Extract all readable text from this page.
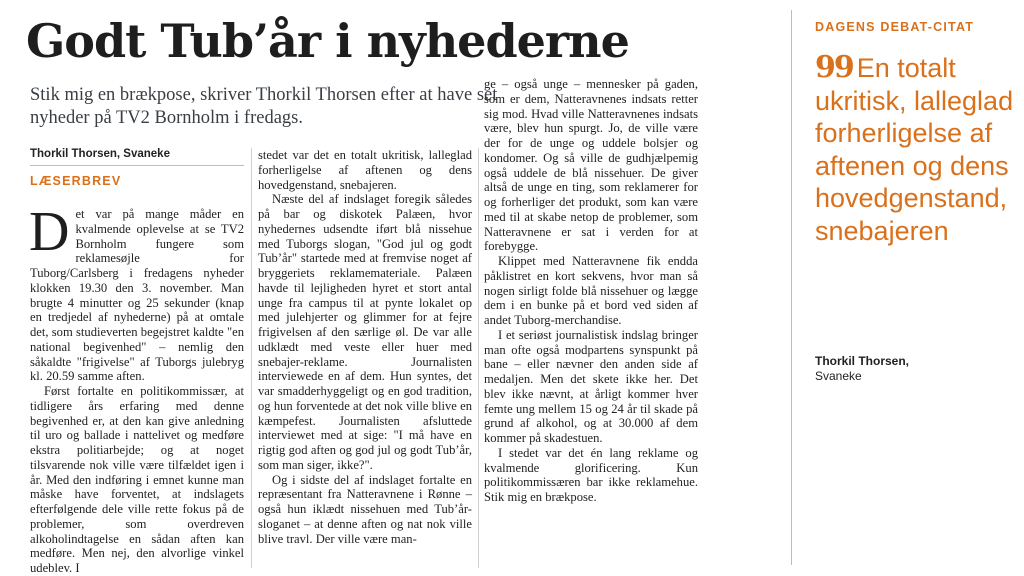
Godt Tub’år i nyhederne

Stik mig en brækpose, skriver Thorkil Thorsen efter at have set nyheder på TV2 Bornholm i fredags.

Thorkil Thorsen, Svaneke
LÆSERBREV
D et var på mange måder en kvalmende oplevelse at se TV2 Bornholm fungere som reklamesøjle for Tuborg/Carlsberg i fredagens nyheder klokken 19.30 den 3. november. Man brugte 4 minutter og 25 sekunder (knap en tredjedel af nyhederne) på at omtale det, som studieverten begejstret kaldte "en national begivenhed" – nemlig den såkaldte "frigivelse" af Tuborgs julebryg kl. 20.59 samme aften.

Først fortalte en politikommissær, at tidligere års erfaring med denne begivenhed er, at den kan give anledning til uro og ballade i nattelivet og medføre ekstra politiarbejde; og at noget tilsvarende nok ville være tilfældet igen i år. Med den indføring i emnet kunne man måske have forventet, at indslagets efterfølgende dele ville rette fokus på de problemer, som overdreven alkoholindtagelse en sådan aften kan medføre. Men nej, den alvorlige vinkel udeblev. I

stedet var det en totalt ukritisk, lalleglad forherligelse af aftenen og dens hovedgenstand, snebajeren.

Næste del af indslaget foregik således på bar og diskotek Palæen, hvor nyhedernes udsendte iført blå nissehue med Tuborgs slogan, "God jul og godt Tub’år" startede med at fremvise noget af bryggeriets reklamemateriale. Palæen havde til lejligheden hyret et stort antal unge fra campus til at pynte lokalet op med julehjerter og glimmer for at fejre frigivelsen af den særlige øl. De var alle udklædt med veste eller huer med snebajer-reklame. Journalisten interviewede en af dem. Hun syntes, det var smadderhyggeligt og en god tradition, og hun forventede at det nok ville blive en kæmpefest. Journalisten afsluttede interviewet med at sige: "I må have en rigtig god aften og god jul og godt Tub’år, som man siger, ikke?".

Og i sidste del af indslaget fortalte en repræsentant fra Natteravnene i Rønne – også hun iklædt nissehuen med Tub’år-sloganet – at denne aften og nat nok ville blive travl. Der ville være man-

ge – også unge – mennesker på gaden, som er dem, Natteravnenes indsats retter sig mod. Hvad ville Natteravnenes indsats være, blev hun spurgt. Jo, de ville være der for de unge og uddele bolsjer og kondomer. Og så ville de gudhjælpemig også uddele de blå nissehuer. De giver altså de unge en ting, som reklamerer for og forherliger det produkt, som kan være med til at skabe netop de problemer, som Natteravnene er sat i verden for at forebygge.

Klippet med Natteravnene fik endda påklistret en kort sekvens, hvor man så nogen sirligt folde blå nissehuer og lægge dem i en bunke på et bord ved siden af andet Tuborg-merchandise.

I et seriøst journalistisk indslag bringer man ofte også modpartens synspunkt på bane – eller nævner den anden side af medaljen. Men det skete ikke her. Det blev ikke nævnt, at årligt kommer hver femte ung mellem 15 og 24 år til skade på grund af alkohol, og at 30.000 af dem kommer på skadestuen.

I stedet var det én lang reklame og kvalmende glorificering. Kun politikommissæren bar ikke reklamehue. Stik mig en brækpose.

DAGENS DEBAT-CITAT
99 En totalt ukritisk, lalleglad forherligelse af aftenen og dens hovedgenstand, snebajeren
Thorkil Thorsen,
Svaneke
